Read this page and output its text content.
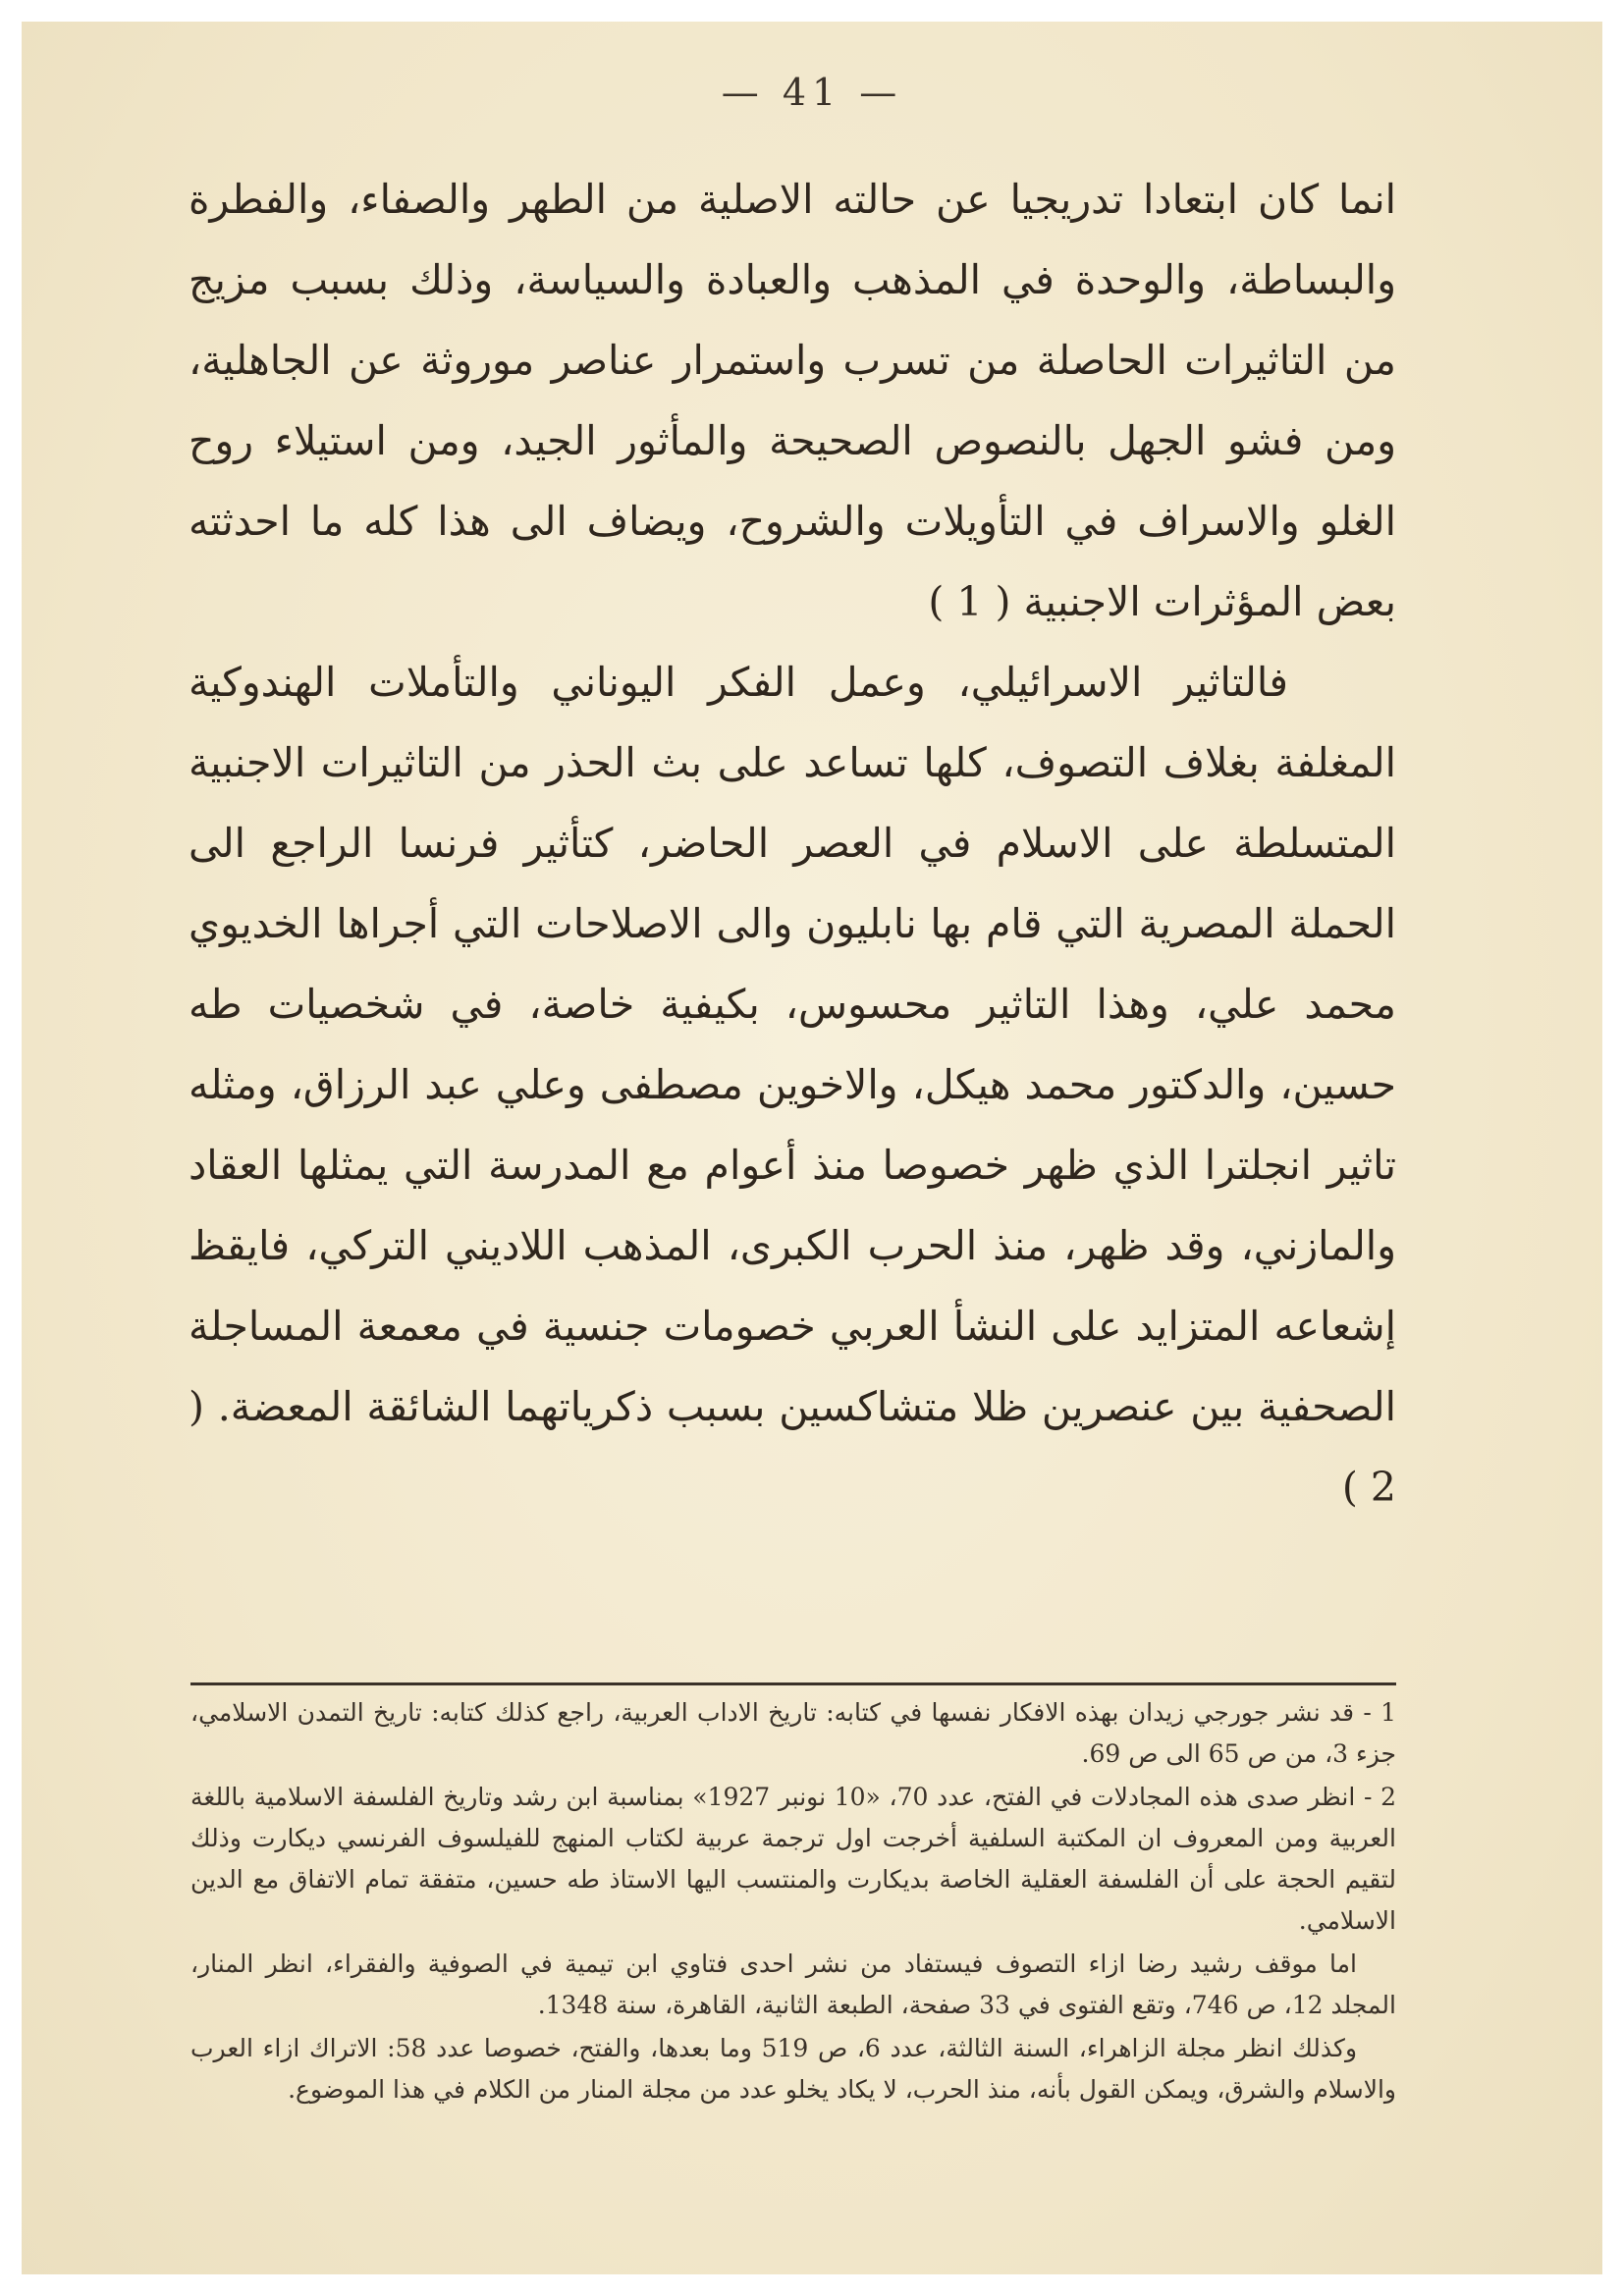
— 41 —

انما كان ابتعادا تدريجيا عن حالته الاصلية من الطهر والصفاء، والفطرة والبساطة، والوحدة في المذهب والعبادة والسياسة، وذلك بسبب مزيج من التاثيرات الحاصلة من تسرب واستمرار عناصر موروثة عن الجاهلية، ومن فشو الجهل بالنصوص الصحيحة والمأثور الجيد، ومن استيلاء روح الغلو والاسراف في التأويلات والشروح، ويضاف الى هذا كله ما احدثته بعض المؤثرات الاجنبية ( 1 )

فالتاثير الاسرائيلي، وعمل الفكر اليوناني والتأملات الهندوكية المغلفة بغلاف التصوف، كلها تساعد على بث الحذر من التاثيرات الاجنبية المتسلطة على الاسلام في العصر الحاضر، كتأثير فرنسا الراجع الى الحملة المصرية التي قام بها نابليون والى الاصلاحات التي أجراها الخديوي محمد علي، وهذا التاثير محسوس، بكيفية خاصة، في شخصيات طه حسين، والدكتور محمد هيكل، والاخوين مصطفى وعلي عبد الرزاق، ومثله تاثير انجلترا الذي ظهر خصوصا منذ أعوام مع المدرسة التي يمثلها العقاد والمازني، وقد ظهر، منذ الحرب الكبرى، المذهب اللاديني التركي، فايقظ إشعاعه المتزايد على النشأ العربي خصومات جنسية في معمعة المساجلة الصحفية بين عنصرين ظلا متشاكسين بسبب ذكرياتهما الشائقة المعضة. ( 2 )

1 - قد نشر جورجي زيدان بهذه الافكار نفسها في كتابه: تاريخ الاداب العربية، راجع كذلك كتابه: تاريخ التمدن الاسلامي، جزء 3، من ص 65 الى ص 69.

2 - انظر صدى هذه المجادلات في الفتح، عدد 70، «10 نونبر 1927» بمناسبة ابن رشد وتاريخ الفلسفة الاسلامية باللغة العربية ومن المعروف ان المكتبة السلفية أخرجت اول ترجمة عربية لكتاب المنهج للفيلسوف الفرنسي ديكارت وذلك لتقيم الحجة على أن الفلسفة العقلية الخاصة بديكارت والمنتسب اليها الاستاذ طه حسين، متفقة تمام الاتفاق مع الدين الاسلامي.

اما موقف رشيد رضا ازاء التصوف فيستفاد من نشر احدى فتاوي ابن تيمية في الصوفية والفقراء، انظر المنار، المجلد 12، ص 746، وتقع الفتوى في 33 صفحة، الطبعة الثانية، القاهرة، سنة 1348.

وكذلك انظر مجلة الزاهراء، السنة الثالثة، عدد 6، ص 519 وما بعدها، والفتح، خصوصا عدد 58: الاتراك ازاء العرب والاسلام والشرق، ويمكن القول بأنه، منذ الحرب، لا يكاد يخلو عدد من مجلة المنار من الكلام في هذا الموضوع.
